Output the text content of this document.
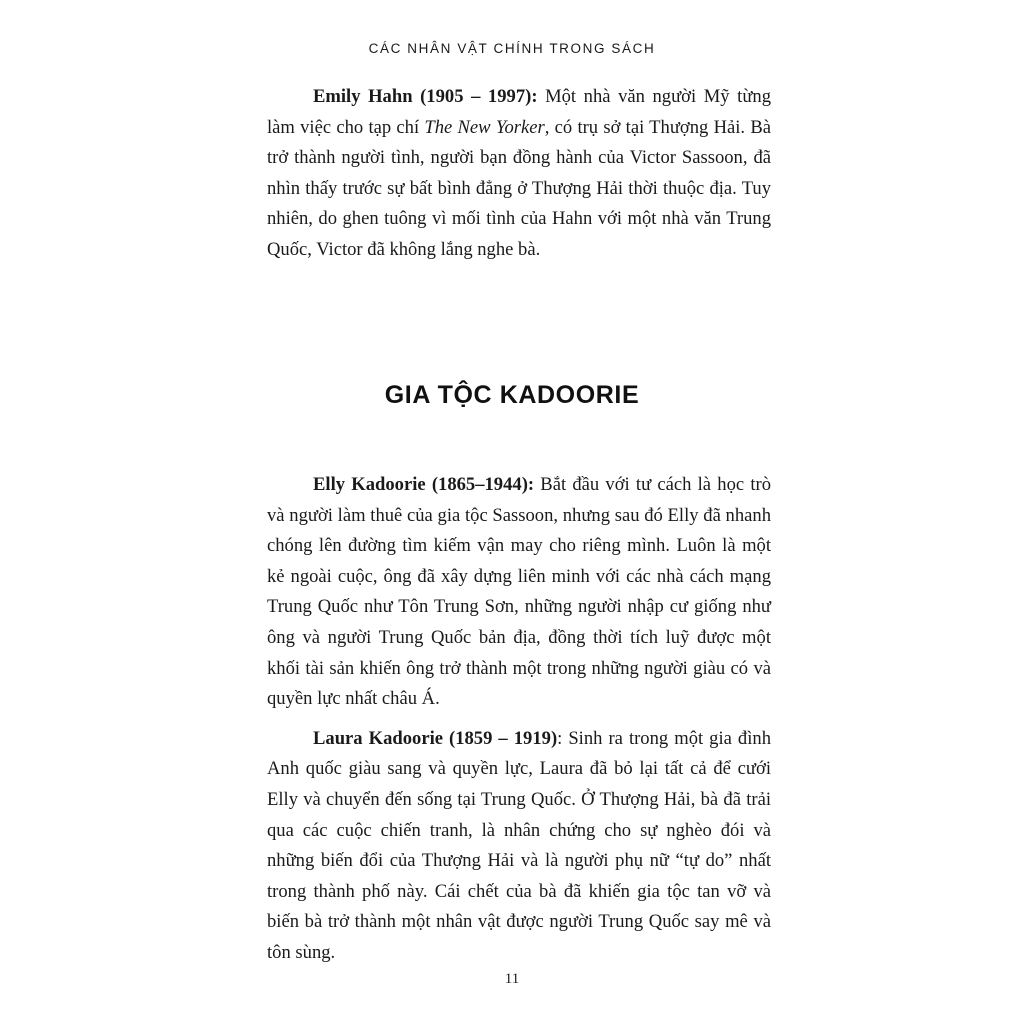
CÁC NHÂN VẬT CHÍNH TRONG SÁCH

Emily Hahn (1905 – 1997): Một nhà văn người Mỹ từng làm việc cho tạp chí The New Yorker, có trụ sở tại Thượng Hải. Bà trở thành người tình, người bạn đồng hành của Victor Sassoon, đã nhìn thấy trước sự bất bình đẳng ở Thượng Hải thời thuộc địa. Tuy nhiên, do ghen tuông vì mối tình của Hahn với một nhà văn Trung Quốc, Victor đã không lắng nghe bà.

GIA TỘC KADOORIE

Elly Kadoorie (1865–1944): Bắt đầu với tư cách là học trò và người làm thuê của gia tộc Sassoon, nhưng sau đó Elly đã nhanh chóng lên đường tìm kiếm vận may cho riêng mình. Luôn là một kẻ ngoài cuộc, ông đã xây dựng liên minh với các nhà cách mạng Trung Quốc như Tôn Trung Sơn, những người nhập cư giống như ông và người Trung Quốc bản địa, đồng thời tích luỹ được một khối tài sản khiến ông trở thành một trong những người giàu có và quyền lực nhất châu Á.

Laura Kadoorie (1859 – 1919): Sinh ra trong một gia đình Anh quốc giàu sang và quyền lực, Laura đã bỏ lại tất cả để cưới Elly và chuyển đến sống tại Trung Quốc. Ở Thượng Hải, bà đã trải qua các cuộc chiến tranh, là nhân chứng cho sự nghèo đói và những biến đổi của Thượng Hải và là người phụ nữ “tự do” nhất trong thành phố này. Cái chết của bà đã khiến gia tộc tan vỡ và biến bà trở thành một nhân vật được người Trung Quốc say mê và tôn sùng.

11
